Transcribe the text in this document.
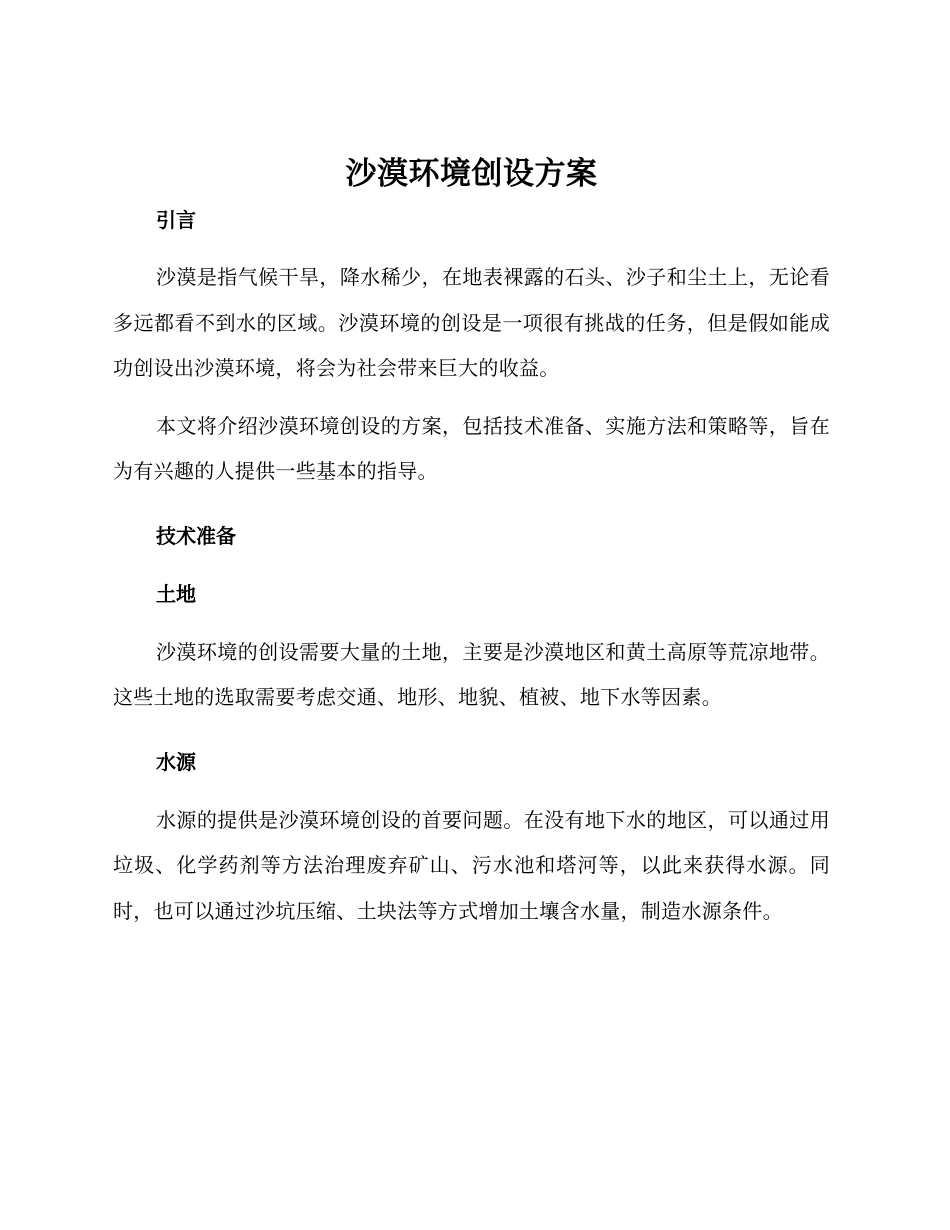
沙漠环境创设方案
引言

沙漠是指气候干旱，降水稀少，在地表裸露的石头、沙子和尘土上，无论看多远都看不到水的区域。沙漠环境的创设是一项很有挑战的任务，但是假如能成功创设出沙漠环境，将会为社会带来巨大的收益。

本文将介绍沙漠环境创设的方案，包括技术准备、实施方法和策略等，旨在为有兴趣的人提供一些基本的指导。

技术准备
土地

沙漠环境的创设需要大量的土地，主要是沙漠地区和黄土高原等荒凉地带。这些土地的选取需要考虑交通、地形、地貌、植被、地下水等因素。

水源

水源的提供是沙漠环境创设的首要问题。在没有地下水的地区，可以通过用垃圾、化学药剂等方法治理废弃矿山、污水池和塔河等，以此来获得水源。同时，也可以通过沙坑压缩、土块法等方式增加土壤含水量，制造水源条件。
